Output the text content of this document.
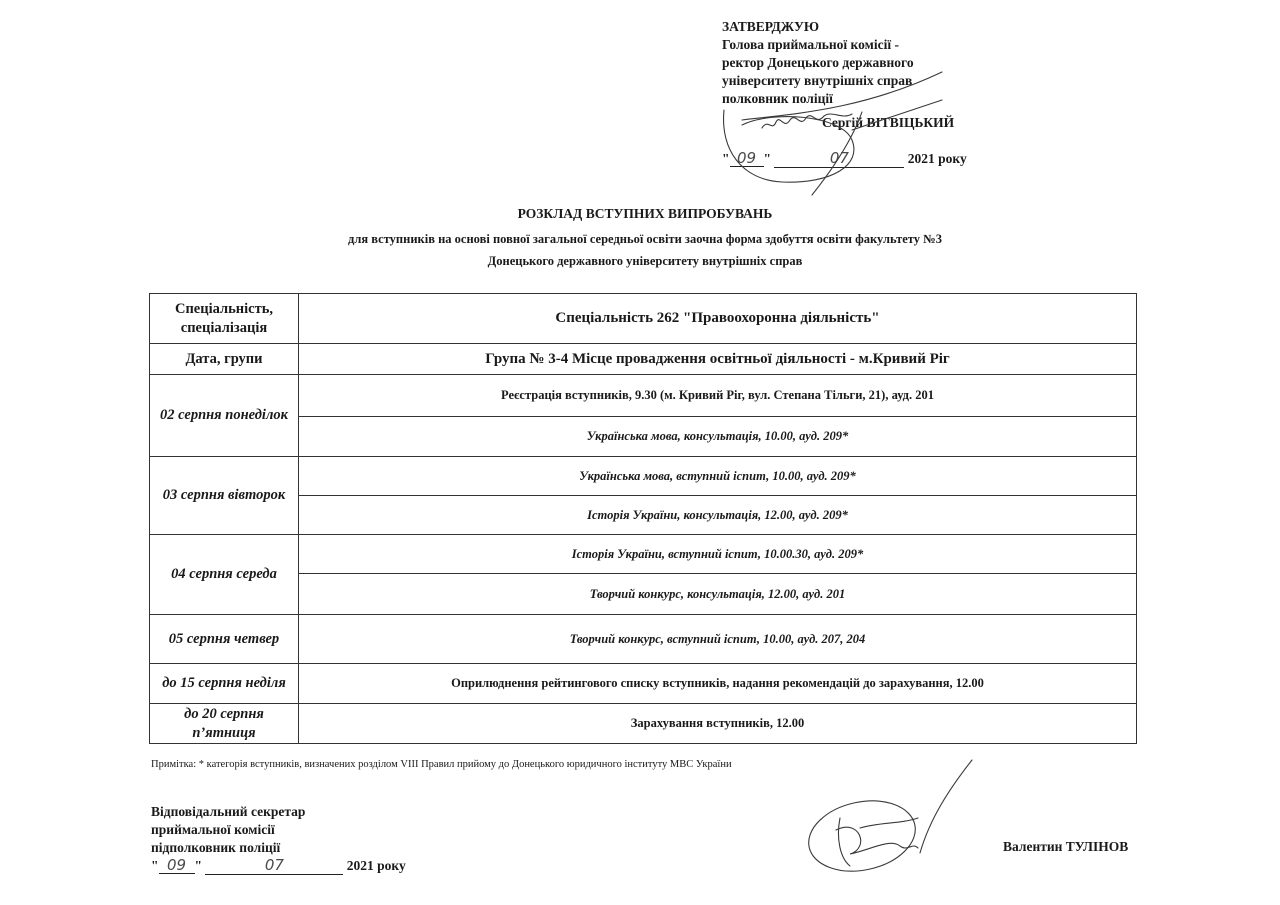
ЗАТВЕРДЖУЮ
Голова приймальної комісії -
ректор Донецького державного
університету внутрішніх справ
полковник поліції
Сергій ВІТВІЦЬКИЙ
" 09 "	07	2021 року
РОЗКЛАД ВСТУПНИХ ВИПРОБУВАНЬ
для вступників на основі повної загальної середньої освіти заочна форма здобуття освіти факультету №3
Донецького державного університету внутрішніх справ
Спеціальність, спеціалізація	Спеціальність 262 "Правоохоронна діяльність"
Дата, групи	Група № 3-4 Місце провадження освітньої діяльності - м.Кривий Ріг
02 серпня понеділок	Реєстрація вступників, 9.30 (м. Кривий Ріг, вул. Степана Тільги, 21), ауд. 201
	Українська мова, консультація, 10.00, ауд. 209*
03 серпня вівторок	Українська мова, вступний іспит, 10.00, ауд. 209*
	Історія України, консультація, 12.00, ауд. 209*
04 серпня середа	Історія України, вступний іспит, 10.00.30, ауд. 209*
	Творчий конкурс, консультація, 12.00, ауд. 201
05 серпня четвер	Творчий конкурс, вступний іспит, 10.00, ауд. 207, 204
до 15 серпня неділя	Оприлюднення рейтингового списку вступників, надання рекомендацій до зарахування, 12.00
до 20 серпня п’ятниця	Зарахування вступників, 12.00
Примітка: * категорія вступників, визначених розділом VIII Правил прийому до Донецького юридичного інституту МВС України
Відповідальний секретар
приймальної комісії
підполковник поліції
" 09 "	07	2021 року
Валентин ТУЛІНОВ
